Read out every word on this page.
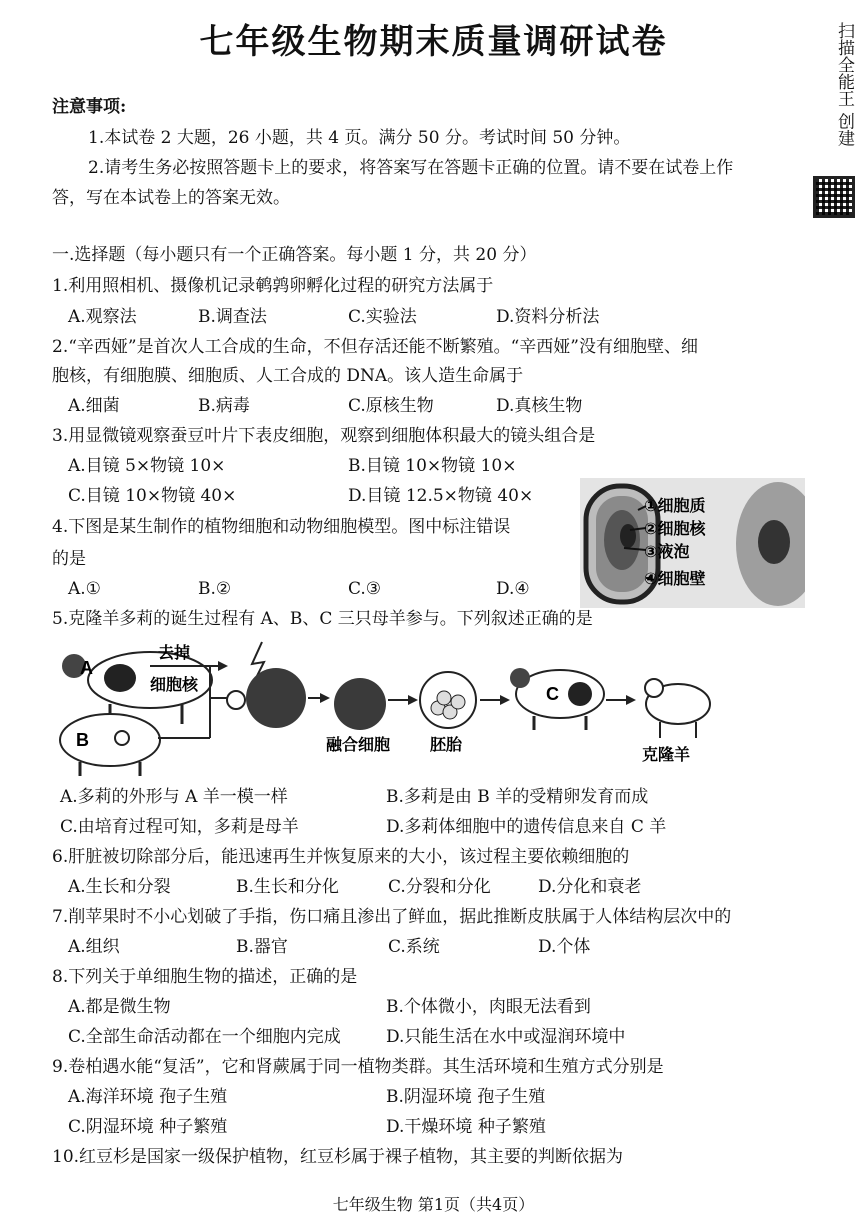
扫描全能王 创建
七年级生物期末质量调研试卷
注意事项:
1.本试卷 2 大题，26 小题，共 4 页。满分 50 分。考试时间 50 分钟。
2.请考生务必按照答题卡上的要求，将答案写在答题卡正确的位置。请不要在试卷上作
答，写在本试卷上的答案无效。
一.选择题（每小题只有一个正确答案。每小题 1 分，共 20 分）
1.利用照相机、摄像机记录鹌鹑卵孵化过程的研究方法属于
A.观察法	B.调查法	C.实验法	D.资料分析法
2.“辛西娅”是首次人工合成的生命，不但存活还能不断繁殖。“辛西娅”没有细胞壁、细
胞核，有细胞膜、细胞质、人工合成的 DNA。该人造生命属于
A.细菌	B.病毒	C.原核生物	D.真核生物
3.用显微镜观察蚕豆叶片下表皮细胞，观察到细胞体积最大的镜头组合是
A.目镜 5×物镜 10×	B.目镜 10×物镜 10×
C.目镜 10×物镜 40×	D.目镜 12.5×物镜 40×
4.下图是某生制作的植物细胞和动物细胞模型。图中标注错误
的是
A.①	B.②	C.③	D.④
①细胞质
②细胞核
③液泡
④细胞壁
5.克隆羊多莉的诞生过程有 A、B、C 三只母羊参与。下列叙述正确的是
A
B
去掉
细胞核
融合细胞 胚胎
C
克隆羊
A.多莉的外形与 A 羊一模一样	B.多莉是由 B 羊的受精卵发育而成
C.由培育过程可知，多莉是母羊	D.多莉体细胞中的遗传信息来自 C 羊
6.肝脏被切除部分后，能迅速再生并恢复原来的大小，该过程主要依赖细胞的
A.生长和分裂	B.生长和分化	C.分裂和分化	D.分化和衰老
7.削苹果时不小心划破了手指，伤口痛且渗出了鲜血，据此推断皮肤属于人体结构层次中的
A.组织	B.器官	C.系统	D.个体
8.下列关于单细胞生物的描述，正确的是
A.都是微生物	B.个体微小，肉眼无法看到
C.全部生命活动都在一个细胞内完成	D.只能生活在水中或湿润环境中
9.卷柏遇水能“复活”，它和肾蕨属于同一植物类群。其生活环境和生殖方式分别是
A.海洋环境 孢子生殖	B.阴湿环境 孢子生殖
C.阴湿环境 种子繁殖	D.干燥环境 种子繁殖
10.红豆杉是国家一级保护植物，红豆杉属于裸子植物，其主要的判断依据为
七年级生物 第1页（共4页）
